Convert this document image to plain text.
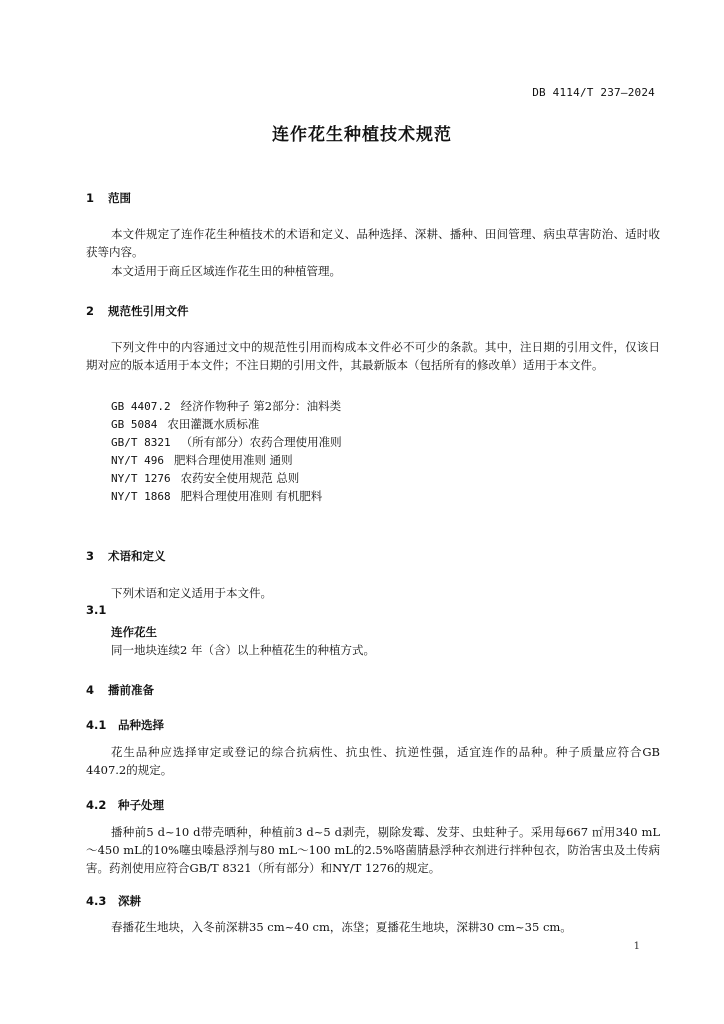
DB 4114/T 237—2024
连作花生种植技术规范
1 范围

本文件规定了连作花生种植技术的术语和定义、品种选择、深耕、播种、田间管理、病虫草害防治、适时收获等内容。

本文适用于商丘区域连作花生田的种植管理。

2 规范性引用文件

下列文件中的内容通过文中的规范性引用而构成本文件必不可少的条款。其中，注日期的引用文件，仅该日期对应的版本适用于本文件；不注日期的引用文件，其最新版本（包括所有的修改单）适用于本文件。

GB 4407.2 经济作物种子 第2部分：油料类
GB 5084 农田灌溉水质标准
GB/T 8321 （所有部分）农药合理使用准则
NY/T 496 肥料合理使用准则 通则
NY/T 1276 农药安全使用规范 总则
NY/T 1868 肥料合理使用准则 有机肥料
3 术语和定义

下列术语和定义适用于本文件。

3.1
连作花生
同一地块连续2 年（含）以上种植花生的种植方式。
4 播前准备
4.1 品种选择

花生品种应选择审定或登记的综合抗病性、抗虫性、抗逆性强，适宜连作的品种。种子质量应符合GB 4407.2的规定。

4.2 种子处理

播种前5 d~10 d带壳晒种，种植前3 d~5 d剥壳，剔除发霉、发芽、虫蛀种子。采用每667 ㎡用340 mL～450 mL的10%噻虫嗪悬浮剂与80 mL～100 mL的2.5%咯菌腈悬浮种衣剂进行拌种包衣，防治害虫及土传病害。药剂使用应符合GB/T 8321（所有部分）和NY/T 1276的规定。

4.3 深耕

春播花生地块，入冬前深耕35 cm~40 cm，冻垡；夏播花生地块，深耕30 cm~35 cm。

1
